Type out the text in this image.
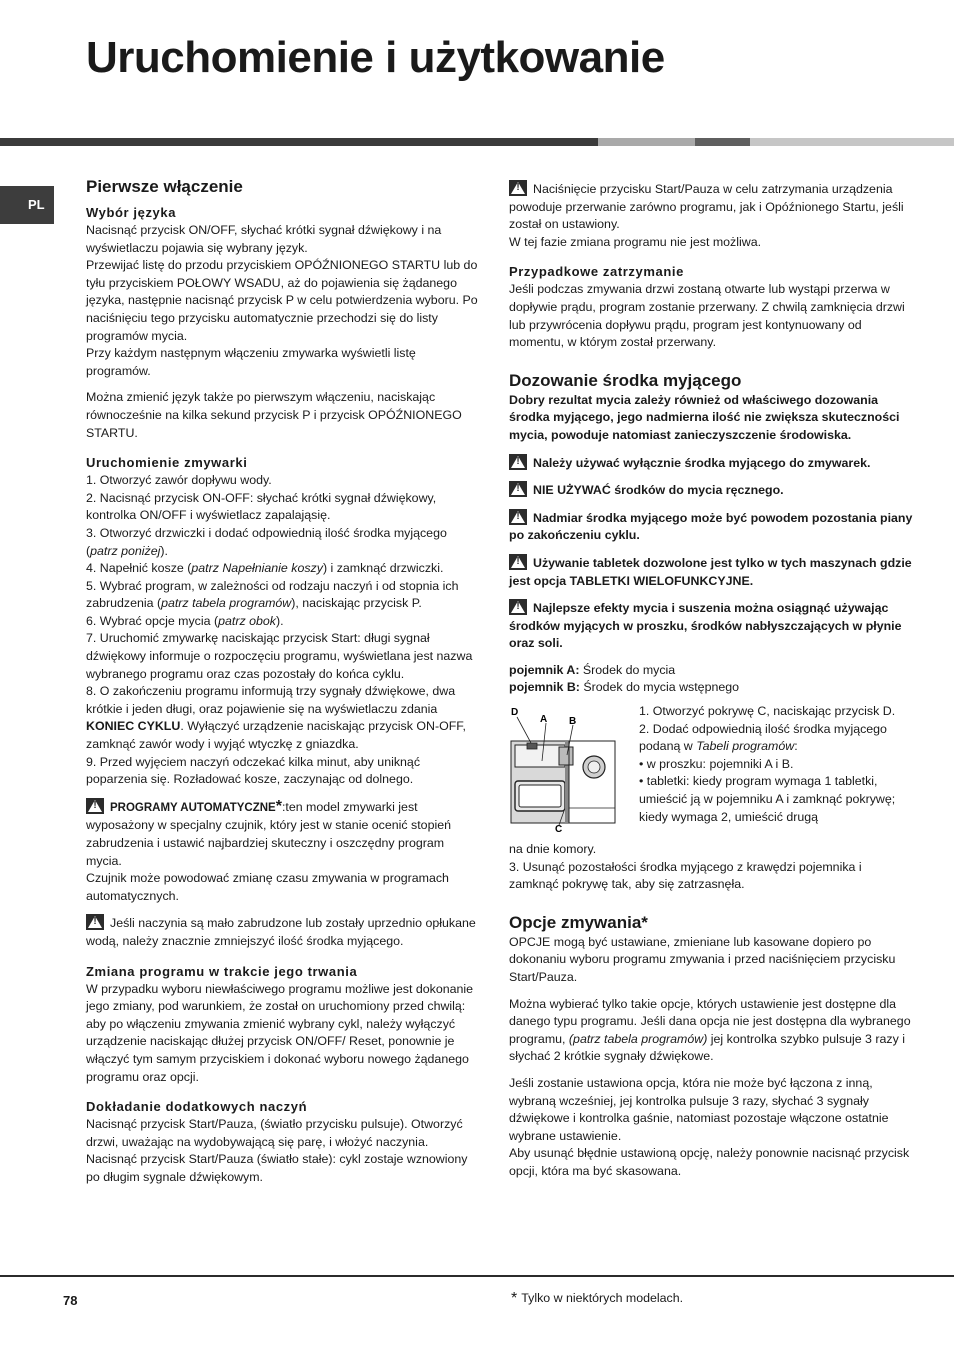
Uruchomienie i użytkowanie
PL
Pierwsze włączenie
Wybór języka

Nacisnąć przycisk ON/OFF, słychać krótki sygnał dźwiękowy i na wyświetlaczu pojawia się wybrany język.

Przewijać listę do przodu przyciskiem OPÓŹNIONEGO STARTU lub do tyłu przyciskiem POŁOWY WSADU, aż do pojawienia się żądanego języka, następnie nacisnąć przycisk P w celu potwierdzenia wyboru. Po naciśnięciu tego przycisku automatycznie przechodzi się do listy programów mycia.

Przy każdym następnym włączeniu zmywarka wyświetli listę programów.

Można zmienić język także po pierwszym włączeniu, naciskając równocześnie na kilka sekund przycisk P i przycisk OPÓŹNIONEGO STARTU.

Uruchomienie zmywarki

1. Otworzyć zawór dopływu wody.

2. Nacisnąć przycisk ON-OFF: słychać krótki sygnał dźwiękowy, kontrolka ON/OFF i wyświetlacz zapalająsię.

3. Otworzyć drzwiczki i dodać odpowiednią ilość środka myjącego (patrz poniżej).

4. Napełnić kosze (patrz Napełnianie koszy) i zamknąć drzwiczki.

5. Wybrać program, w zależności od rodzaju naczyń i od stopnia ich zabrudzenia (patrz tabela programów), naciskając przycisk P.

6. Wybrać opcje mycia (patrz obok).

7. Uruchomić zmywarkę naciskając przycisk Start: długi sygnał dźwiękowy informuje o rozpoczęciu programu, wyświetlana jest nazwa wybranego programu oraz czas pozostały do końca cyklu.

8. O zakończeniu programu informują trzy sygnały dźwiękowe, dwa krótkie i jeden długi, oraz pojawienie się na wyświetlaczu zdania KONIEC CYKLU. Wyłączyć urządzenie naciskając przycisk ON-OFF, zamknąć zawór wody i wyjąć wtyczkę z gniazdka.

9. Przed wyjęciem naczyń odczekać kilka minut, aby uniknąć poparzenia się. Rozładować kosze, zaczynając od dolnego.

!PROGRAMY AUTOMATYCZNE*:ten model zmywarki jest wyposażony w specjalny czujnik, który jest w stanie ocenić stopień zabrudzenia i ustawić najbardziej skuteczny i oszczędny program mycia.

Czujnik może powodować zmianę czasu zmywania w programach automatycznych.

!Jeśli naczynia są mało zabrudzone lub zostały uprzednio opłukane wodą, należy znacznie zmniejszyć ilość środka myjącego.

Zmiana programu w trakcie jego trwania

W przypadku wyboru niewłaściwego programu możliwe jest dokonanie jego zmiany, pod warunkiem, że został on uruchomiony przed chwilą: aby po włączeniu zmywania zmienić wybrany cykl, należy wyłączyć urządzenie naciskając dłużej przycisk ON/OFF/ Reset, ponownie je włączyć tym samym przyciskiem i dokonać wyboru nowego żądanego programu oraz opcji.

Dokładanie dodatkowych naczyń

Nacisnąć przycisk Start/Pauza, (światło przycisku pulsuje). Otworzyć drzwi, uważając na wydobywającą się parę, i włożyć naczynia. Nacisnąć przycisk Start/Pauza (światło stałe): cykl zostaje wznowiony po długim sygnale dźwiękowym.

!Naciśnięcie przycisku Start/Pauza w celu zatrzymania urządzenia powoduje przerwanie zarówno programu, jak i Opóźnionego Startu, jeśli został on ustawiony.

W tej fazie zmiana programu nie jest możliwa.

Przypadkowe zatrzymanie

Jeśli podczas zmywania drzwi zostaną otwarte lub wystąpi przerwa w dopływie prądu, program zostanie przerwany. Z chwilą zamknięcia drzwi lub przywrócenia dopływu prądu, program jest kontynuowany od momentu, w którym został przerwany.

Dozowanie środka myjącego

Dobry rezultat mycia zależy również od właściwego dozowania środka myjącego, jego nadmierna ilość nie zwiększa skuteczności mycia, powoduje natomiast zanieczyszczenie środowiska.

!Należy używać wyłącznie środka myjącego do zmywarek.

!NIE UŻYWAĆ środków do mycia ręcznego.

!Nadmiar środka myjącego może być powodem pozostania piany po zakończeniu cyklu.

!Używanie tabletek dozwolone jest tylko w tych maszynach gdzie jest opcja TABLETKI WIELOFUNKCYJNE.

!Najlepsze efekty mycia i suszenia można osiągnąć używając środków myjących w proszku, środków nabłyszczających w płynie oraz soli.

pojemnik A: Środek do mycia

pojemnik B: Środek do mycia wstępnego

D
A B
C

1. Otworzyć pokrywę C, naciskając przycisk D.

2. Dodać odpowiednią ilość środka myjącego podaną w Tabeli programów:

• w proszku: pojemniki A i B.

• tabletki: kiedy program wymaga 1 tabletki, umieścić ją w pojemniku A i zamknąć pokrywę; kiedy wymaga 2, umieścić drugą

na dnie komory.

3. Usunąć pozostałości środka myjącego z krawędzi pojemnika i zamknąć pokrywę tak, aby się zatrzasnęła.

Opcje zmywania*

OPCJE mogą być ustawiane, zmieniane lub kasowane dopiero po dokonaniu wyboru programu zmywania i przed naciśnięciem przycisku Start/Pauza.

Można wybierać tylko takie opcje, których ustawienie jest dostępne dla danego typu programu. Jeśli dana opcja nie jest dostępna dla wybranego programu, (patrz tabela programów) jej kontrolka szybko pulsuje 3 razy i słychać 2 krótkie sygnały dźwiękowe.

Jeśli zostanie ustawiona opcja, która nie może być łączona z inną, wybraną wcześniej, jej kontrolka pulsuje 3 razy, słychać 3 sygnały dźwiękowe i kontrolka gaśnie, natomiast pozostaje włączone ostatnie wybrane ustawienie.

Aby usunąć błędnie ustawioną opcję, należy ponownie nacisnąć przycisk opcji, która ma być skasowana.

78	* Tylko w niektórych modelach.
